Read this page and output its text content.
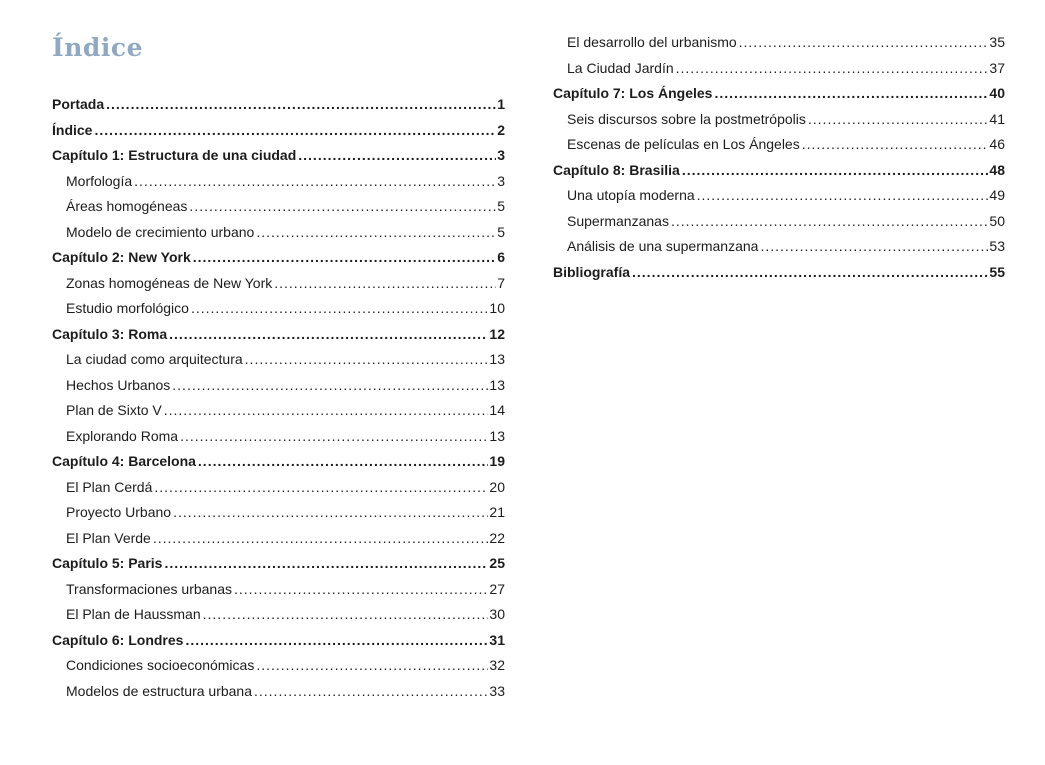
Índice
Portada .....	1
Índice .....	2
Capítulo 1: Estructura de una ciudad .....	3
Morfología .....	3
Áreas homogéneas .....	5
Modelo de crecimiento urbano .....	5
Capítulo 2: New York .....	6
Zonas homogéneas de New York .....	7
Estudio morfológico .....	10
Capítulo 3: Roma .....	12
La ciudad como arquitectura .....	13
Hechos Urbanos .....	13
Plan de Sixto V .....	14
Explorando Roma .....	13
Capítulo 4: Barcelona .....	19
El Plan Cerdá .....	20
Proyecto Urbano .....	21
El Plan Verde .....	22
Capítulo 5: Paris .....	25
Transformaciones urbanas .....	27
El Plan de Haussman .....	30
Capítulo 6: Londres .....	31
Condiciones socioeconómicas .....	32
Modelos de estructura urbana .....	33
El desarrollo del urbanismo .....	35
La Ciudad Jardín .....	37
Capítulo 7: Los Ángeles .....	40
Seis discursos sobre la postmetrópolis .....	41
Escenas de películas en Los Ángeles .....	46
Capítulo 8: Brasilia .....	48
Una utopía moderna .....	49
Supermanzanas .....	50
Análisis de una supermanzana .....	53
Bibliografía .....	55
